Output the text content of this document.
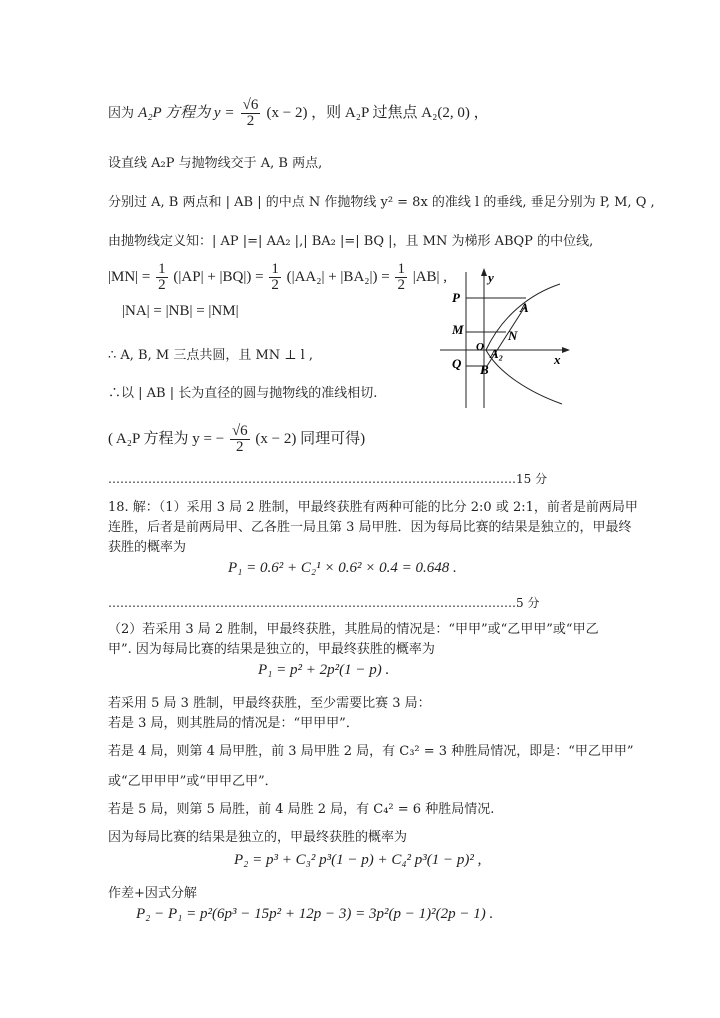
因为 A₂P 方程为 $y = \frac{√6}{2} (x - 2)$ ，则 A₂P 过焦点 A₂(2, 0) ，
设直线 A₂P 与抛物线交于 A, B 两点,
分别过 A, B 两点和 | AB | 的中点 N 作抛物线 y² = 8x 的准线 l 的垂线, 垂足分别为 P, M, Q ,
由抛物线定义知：| AP |=| AA₂ |,| BA₂ |=| BQ |，且 MN 为梯形 ABQP 的中位线,
$|MN| = \frac{1}{2} (|AP| + |BQ|) = \frac{1}{2} (|AA_2| + |BA_2|) = \frac{1}{2} |AB|$ ,
|NA| = |NB| = |NM|
∴ A, B, M 三点共圆，且 MN ⊥ l ,
∴以 | AB | 长为直径的圆与抛物线的准线相切.
( A₂P 方程为 y = − $\frac{√6}{2} (x - 2)$ 同理可得)
…………………………………………………………………………………………15 分
18. 解：（1）采用 3 局 2 胜制，甲最终获胜有两种可能的比分 2:0 或 2:1，前者是前两局甲
连胜，后者是前两局甲、乙各胜一局且第 3 局甲胜．因为每局比赛的结果是独立的，甲最终
获胜的概率为
P₁ = 0.6² + C₂¹ × 0.6² × 0.4 = 0.648 .
…………………………………………………………………………………………5 分
（2）若采用 3 局 2 胜制，甲最终获胜，其胜局的情况是：“甲甲”或“乙甲甲”或“甲乙
甲”. 因为每局比赛的结果是独立的，甲最终获胜的概率为
P₁ = p² + 2p²(1 − p) .
若采用 5 局 3 胜制，甲最终获胜，至少需要比赛 3 局：
若是 3 局，则其胜局的情况是：“甲甲甲”．
若是 4 局，则第 4 局甲胜，前 3 局甲胜 2 局，有 C₃² = 3 种胜局情况，即是：“甲乙甲甲”
或“乙甲甲甲”或“甲甲乙甲”．
若是 5 局，则第 5 局胜，前 4 局胜 2 局，有 C₄² = 6 种胜局情况.
因为每局比赛的结果是独立的，甲最终获胜的概率为
P₂ = p³ + C₃² p³(1 − p) + C₄² p³(1 − p)² ,
作差+因式分解
P₂ − P₁ = p²(6p³ − 15p² + 12p − 3) = 3p²(p − 1)²(2p − 1) .
y
x
P
A
M	N
Q
O A₂
B
